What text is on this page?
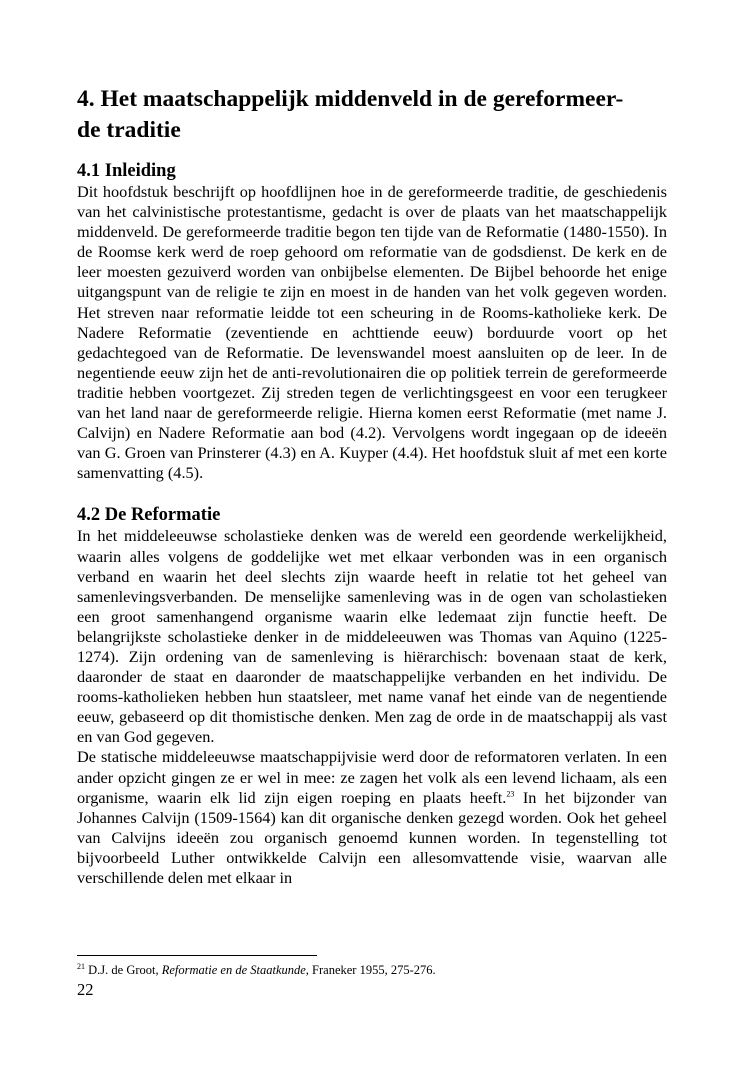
4. Het maatschappelijk middenveld in de gereformeer-
de traditie
4.1 Inleiding

Dit hoofdstuk beschrijft op hoofdlijnen hoe in de gereformeerde traditie, de geschiedenis van het calvinistische protestantisme, gedacht is over de plaats van het maatschappelijk middenveld. De gereformeerde traditie begon ten tijde van de Reformatie (1480-1550). In de Roomse kerk werd de roep gehoord om reformatie van de godsdienst. De kerk en de leer moesten gezuiverd worden van onbijbelse elementen. De Bijbel behoorde het enige uitgangspunt van de religie te zijn en moest in de handen van het volk gegeven worden. Het streven naar reformatie leidde tot een scheuring in de Rooms-katholieke kerk. De Nadere Reformatie (zeventiende en achttiende eeuw) borduurde voort op het gedachtegoed van de Reformatie. De levenswandel moest aansluiten op de leer. In de negentiende eeuw zijn het de anti-revolutionairen die op politiek terrein de gereformeerde traditie hebben voortgezet. Zij streden tegen de verlichtingsgeest en voor een terugkeer van het land naar de gereformeerde religie. Hierna komen eerst Reformatie (met name J. Calvijn) en Nadere Reformatie aan bod (4.2). Vervolgens wordt ingegaan op de ideeën van G. Groen van Prinsterer (4.3) en A. Kuyper (4.4). Het hoofdstuk sluit af met een korte samenvatting (4.5).

4.2 De Reformatie

In het middeleeuwse scholastieke denken was de wereld een geordende werkelijkheid, waarin alles volgens de goddelijke wet met elkaar verbonden was in een organisch verband en waarin het deel slechts zijn waarde heeft in relatie tot het geheel van samenlevingsverbanden. De menselijke samenleving was in de ogen van scholastieken een groot samenhangend organisme waarin elke ledemaat zijn functie heeft. De belangrijkste scholastieke denker in de middeleeuwen was Thomas van Aquino (1225-1274). Zijn ordening van de samenleving is hiërarchisch: bovenaan staat de kerk, daaronder de staat en daaronder de maatschappelijke verbanden en het individu. De rooms-katholieken hebben hun staatsleer, met name vanaf het einde van de negentiende eeuw, gebaseerd op dit thomistische denken. Men zag de orde in de maatschappij als vast en van God gegeven.

De statische middeleeuwse maatschappijvisie werd door de reformatoren verlaten. In een ander opzicht gingen ze er wel in mee: ze zagen het volk als een levend lichaam, als een organisme, waarin elk lid zijn eigen roeping en plaats heeft.$^{23}$ In het bijzonder van Johannes Calvijn (1509-1564) kan dit organische denken gezegd worden. Ook het geheel van Calvijns ideeën zou organisch genoemd kunnen worden. In tegenstelling tot bijvoorbeeld Luther ontwikkelde Calvijn een allesomvattende visie, waarvan alle verschillende delen met elkaar in

$^{21}$ D.J. de Groot, Reformatie en de Staatkunde, Franeker 1955, 275-276.
22
